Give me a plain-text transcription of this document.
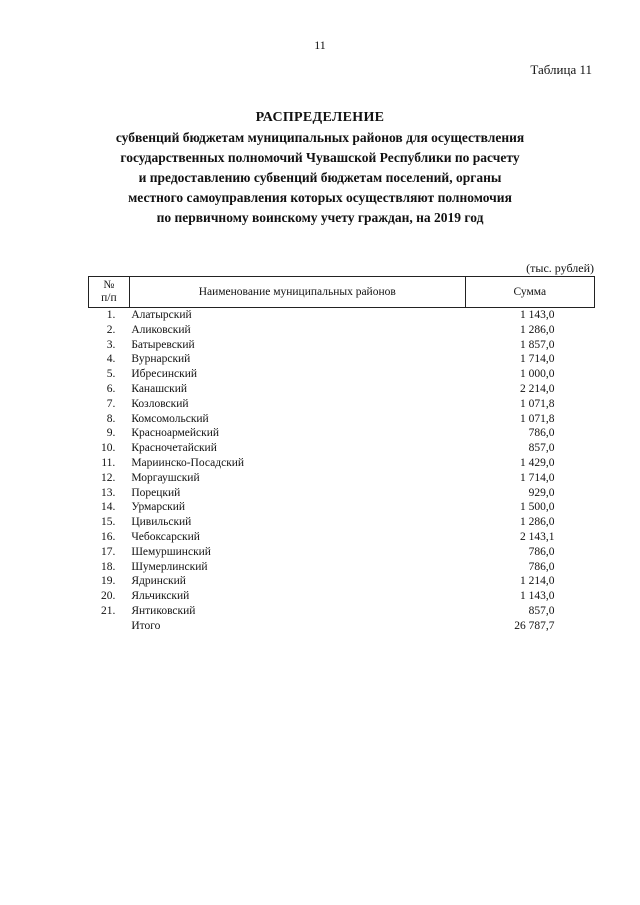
11
Таблица 11
РАСПРЕДЕЛЕНИЕ
субвенций бюджетам муниципальных районов для осуществления
государственных полномочий Чувашской Республики по расчету
и предоставлению субвенций бюджетам поселений, органы
местного самоуправления которых осуществляют полномочия
по первичному воинскому учету граждан, на 2019 год
(тыс. рублей)
№
п/п	Наименование муниципальных районов	Сумма
1.	Алатырский	1 143,0
2.	Аликовский	1 286,0
3.	Батыревский	1 857,0
4.	Вурнарский	1 714,0
5.	Ибресинский	1 000,0
6.	Канашский	2 214,0
7.	Козловский	1 071,8
8.	Комсомольский	1 071,8
9.	Красноармейский	786,0
10.	Красночетайский	857,0
11.	Мариинско-Посадский	1 429,0
12.	Моргаушский	1 714,0
13.	Порецкий	929,0
14.	Урмарский	1 500,0
15.	Цивильский	1 286,0
16.	Чебоксарский	2 143,1
17.	Шемуршинский	786,0
18.	Шумерлинский	786,0
19.	Ядринский	1 214,0
20.	Яльчикский	1 143,0
21.	Янтиковский	857,0
	Итого	26 787,7
